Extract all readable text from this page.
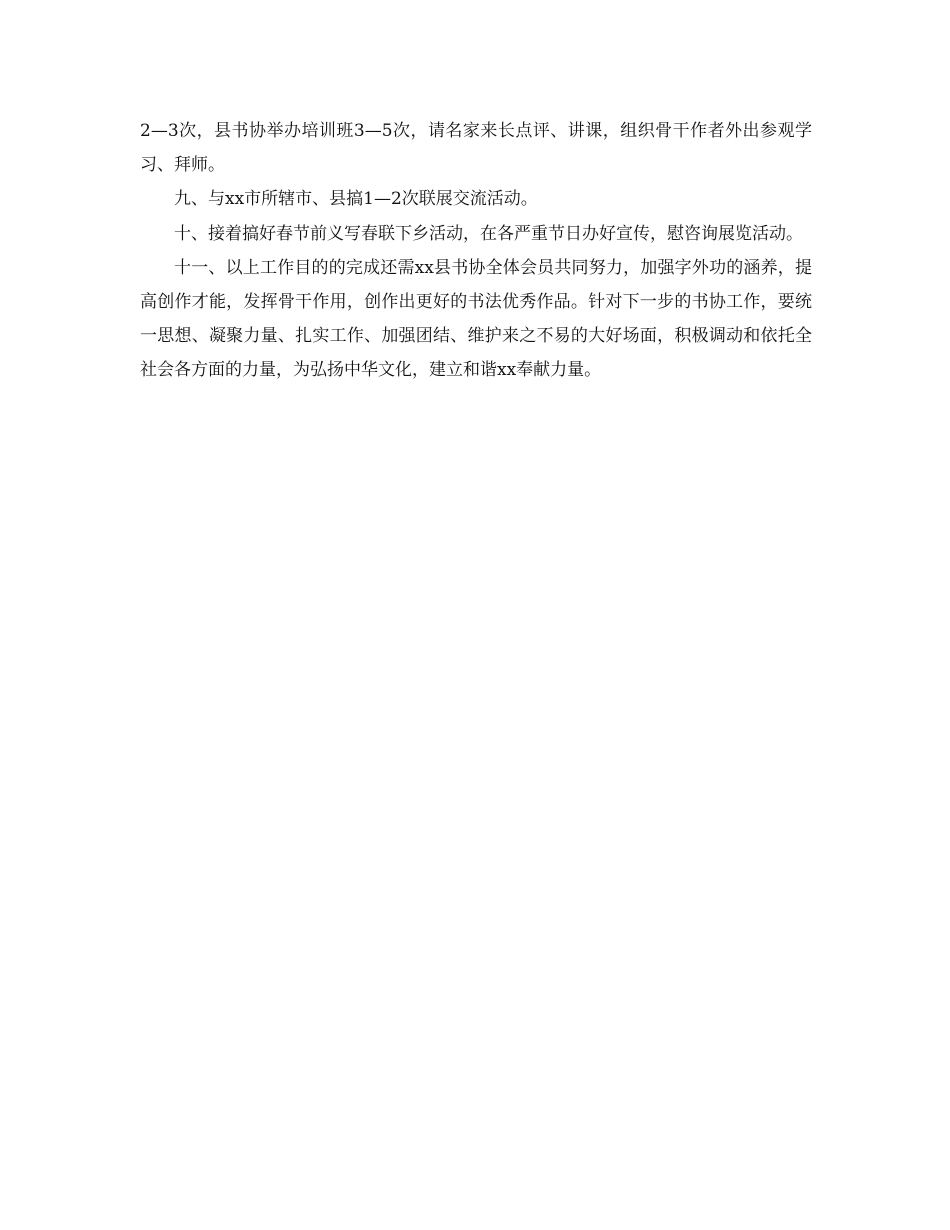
2—3次，县书协举办培训班3—5次，请名家来长点评、讲课，组织骨干作者外出参观学习、拜师。

九、与xx市所辖市、县搞1—2次联展交流活动。

十、接着搞好春节前义写春联下乡活动，在各严重节日办好宣传，慰咨询展览活动。

十一、以上工作目的的完成还需xx县书协全体会员共同努力，加强字外功的涵养，提高创作才能，发挥骨干作用，创作出更好的书法优秀作品。针对下一步的书协工作，要统一思想、凝聚力量、扎实工作、加强团结、维护来之不易的大好场面，积极调动和依托全社会各方面的力量，为弘扬中华文化，建立和谐xx奉献力量。
